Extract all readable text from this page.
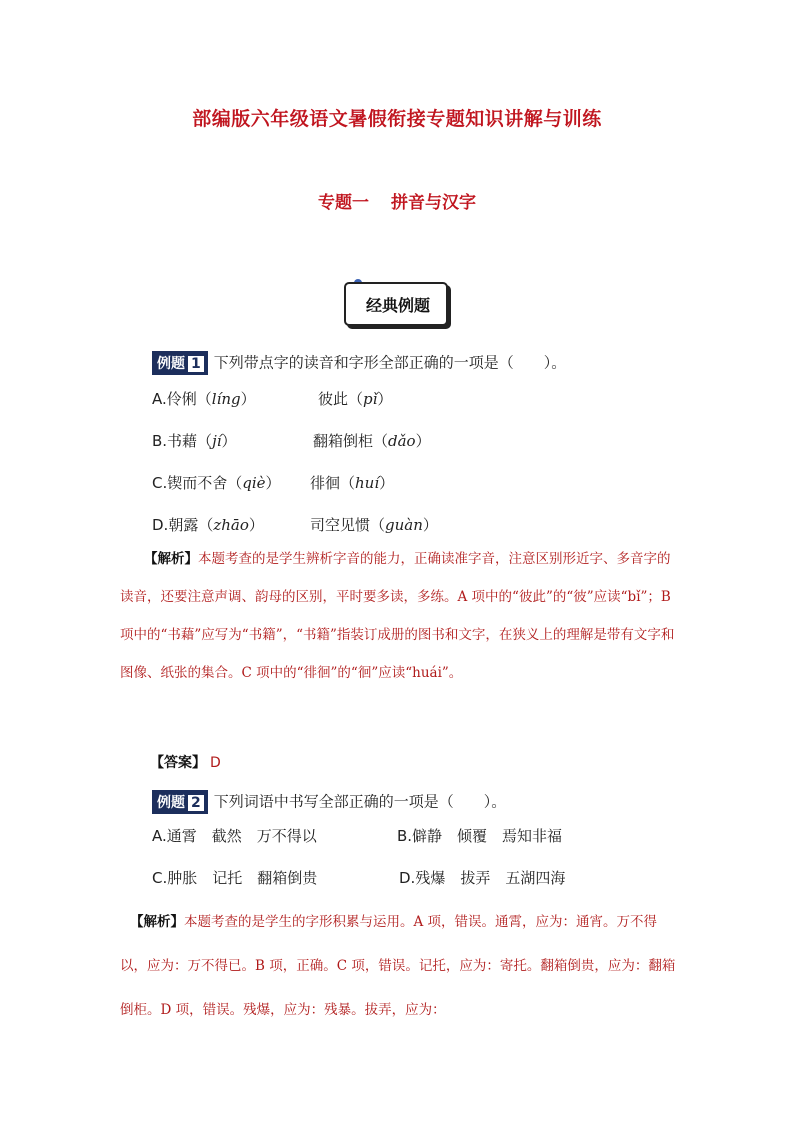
部编版六年级语文暑假衔接专题知识讲解与训练
专题一 拼音与汉字
经典例题
例题 1 下列带点字的读音和字形全部正确的一项是（　　）。
A.伶俐（líng）	彼此（pǐ）
B.书藉（jí）	翻箱倒柜（dǎo）
C.锲而不舍（qiè） 徘徊（huí）
D.朝露（zhāo）	司空见惯（guàn）
【解析】本题考查的是学生辨析字音的能力，正确读准字音，注意区别形近字、多音字的读音，还要注意声调、韵母的区别，平时要多读，多练。A 项中的“彼此”的“彼”应读“bǐ”；B 项中的“书藉”应写为“书籍”，“书籍”指装订成册的图书和文字，在狭义上的理解是带有文字和图像、纸张的集合。C 项中的“徘徊”的“徊”应读“huái”。
【答案】 D
例题 2 下列词语中书写全部正确的一项是（　　）。
A.通霄　截然　万不得以	B.僻静　倾覆　焉知非福
C.肿胀　记托　翻箱倒贵	D.残爆　拔弄　五湖四海
【解析】本题考查的是学生的字形积累与运用。A 项，错误。通霄，应为：通宵。万不得以，应为：万不得已。B 项，正确。C 项，错误。记托，应为：寄托。翻箱倒贵，应为：翻箱倒柜。D 项，错误。残爆，应为：残暴。拔弄，应为：
